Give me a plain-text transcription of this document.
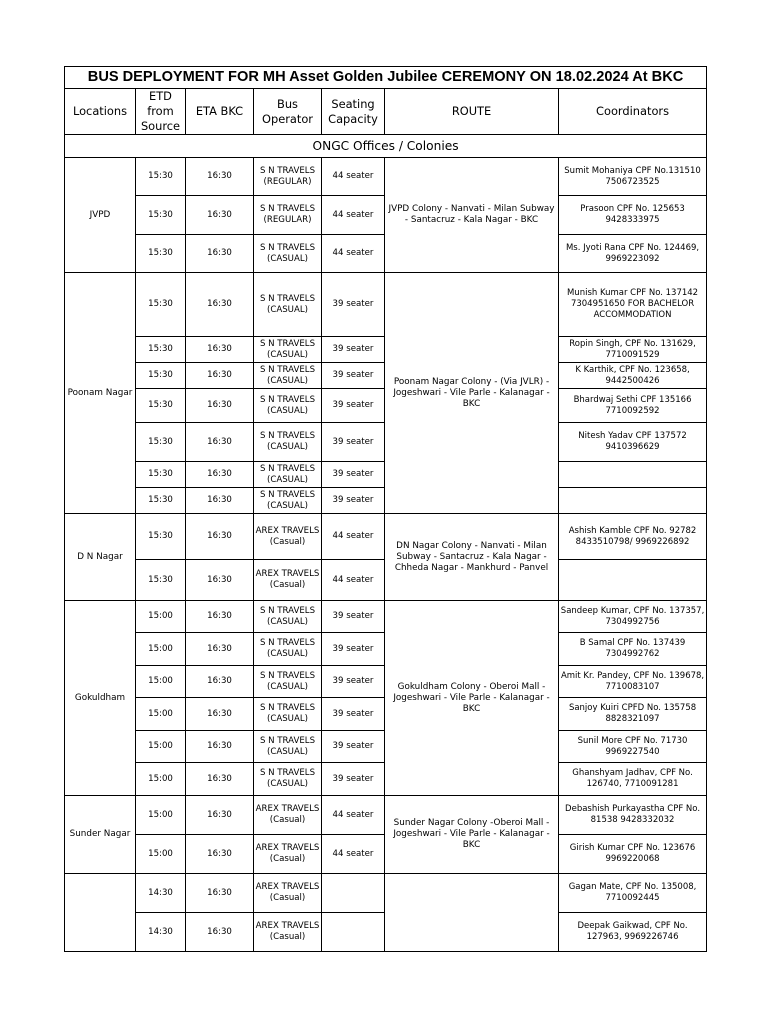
BUS DEPLOYMENT FOR MH Asset Golden Jubilee CEREMONY ON 18.02.2024 At BKC						
Locations	ETD from Source	ETA BKC	Bus Operator	Seating Capacity	ROUTE	Coordinators
ONGC Offices / Colonies						
JVPD	15:30	16:30	S N TRAVELS (REGULAR)	44 seater	JVPD Colony - Nanvati - Milan Subway - Santacruz - Kala Nagar - BKC	Sumit Mohaniya CPF No.131510 7506723525
	15:30	16:30	S N TRAVELS (REGULAR)	44 seater		Prasoon CPF No. 125653 9428333975
	15:30	16:30	S N TRAVELS (CASUAL)	44 seater		Ms. Jyoti Rana CPF No. 124469, 9969223092
Poonam Nagar	15:30	16:30	S N TRAVELS (CASUAL)	39 seater	Poonam Nagar Colony - (Via JVLR) - Jogeshwari - Vile Parle - Kalanagar - BKC	Munish Kumar CPF No. 137142 7304951650 FOR BACHELOR ACCOMMODATION
	15:30	16:30	S N TRAVELS (CASUAL)	39 seater		Ropin Singh, CPF No. 131629, 7710091529
	15:30	16:30	S N TRAVELS (CASUAL)	39 seater		K Karthik, CPF No. 123658, 9442500426
	15:30	16:30	S N TRAVELS (CASUAL)	39 seater		Bhardwaj Sethi CPF 135166 7710092592
	15:30	16:30	S N TRAVELS (CASUAL)	39 seater		Nitesh Yadav CPF 137572 9410396629
	15:30	16:30	S N TRAVELS (CASUAL)	39 seater		
	15:30	16:30	S N TRAVELS (CASUAL)	39 seater		
D N Nagar	15:30	16:30	AREX TRAVELS (Casual)	44 seater	DN Nagar Colony - Nanvati - Milan Subway - Santacruz - Kala Nagar - Chheda Nagar - Mankhurd - Panvel	Ashish Kamble CPF No. 92782 8433510798/ 9969226892
	15:30	16:30	AREX TRAVELS (Casual)	44 seater		
Gokuldham	15:00	16:30	S N TRAVELS (CASUAL)	39 seater	Gokuldham Colony - Oberoi Mall - Jogeshwari - Vile Parle - Kalanagar - BKC	Sandeep Kumar, CPF No. 137357, 7304992756
	15:00	16:30	S N TRAVELS (CASUAL)	39 seater		B Samal CPF No. 137439 7304992762
	15:00	16:30	S N TRAVELS (CASUAL)	39 seater		Amit Kr. Pandey, CPF No. 139678, 7710083107
	15:00	16:30	S N TRAVELS (CASUAL)	39 seater		Sanjoy Kuiri CPFD No. 135758 8828321097
	15:00	16:30	S N TRAVELS (CASUAL)	39 seater		Sunil More CPF No. 71730 9969227540
	15:00	16:30	S N TRAVELS (CASUAL)	39 seater		Ghanshyam Jadhav, CPF No. 126740, 7710091281
Sunder Nagar	15:00	16:30	AREX TRAVELS (Casual)	44 seater	Sunder Nagar Colony -Oberoi Mall - Jogeshwari - Vile Parle - Kalanagar - BKC	Debashish Purkayastha CPF No. 81538 9428332032
	15:00	16:30	AREX TRAVELS (Casual)	44 seater		Girish Kumar CPF No. 123676 9969220068
	14:30	16:30	AREX TRAVELS (Casual)			Gagan Mate, CPF No. 135008, 7710092445
	14:30	16:30	AREX TRAVELS (Casual)			Deepak Gaikwad, CPF No. 127963, 9969226746
